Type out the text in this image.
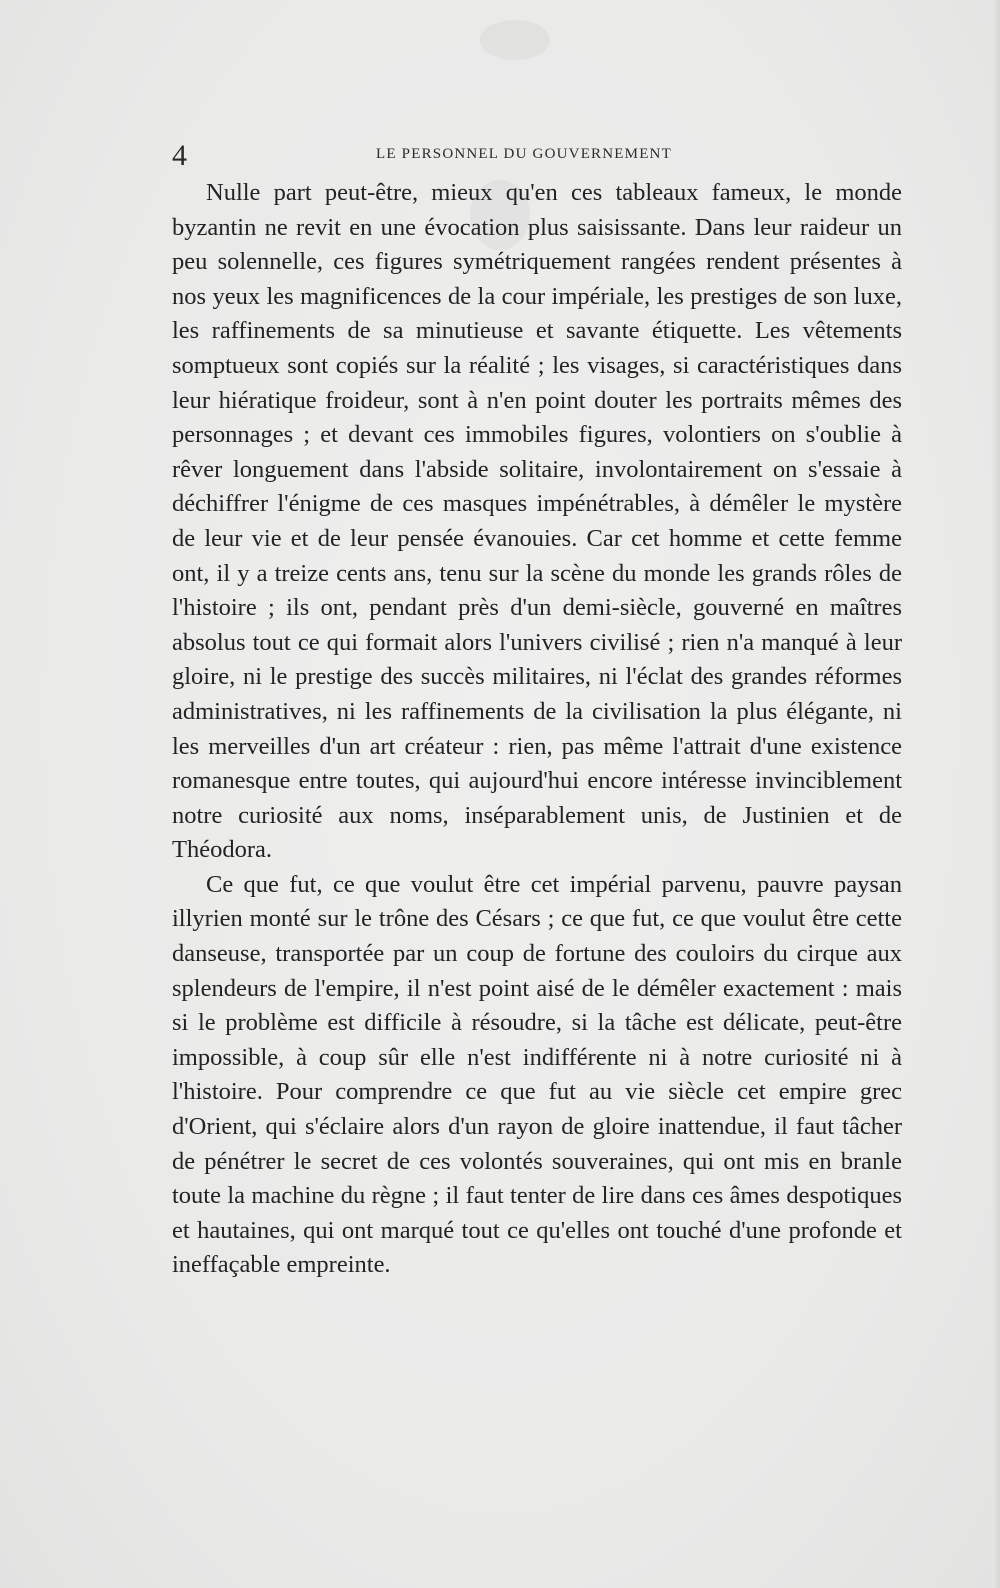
4	LE PERSONNEL DU GOUVERNEMENT

Nulle part peut-être, mieux qu'en ces tableaux fameux, le monde byzantin ne revit en une évocation plus saisissante. Dans leur raideur un peu solennelle, ces figures symétriquement rangées rendent présentes à nos yeux les magnificences de la cour impériale, les prestiges de son luxe, les raffinements de sa minutieuse et savante étiquette. Les vêtements somptueux sont copiés sur la réalité ; les visages, si caractéristiques dans leur hiératique froideur, sont à n'en point douter les portraits mêmes des personnages ; et devant ces immobiles figures, volontiers on s'oublie à rêver longuement dans l'abside solitaire, involontairement on s'essaie à déchiffrer l'énigme de ces masques impénétrables, à démêler le mystère de leur vie et de leur pensée évanouies. Car cet homme et cette femme ont, il y a treize cents ans, tenu sur la scène du monde les grands rôles de l'histoire ; ils ont, pendant près d'un demi-siècle, gouverné en maîtres absolus tout ce qui formait alors l'univers civilisé ; rien n'a manqué à leur gloire, ni le prestige des succès militaires, ni l'éclat des grandes réformes administratives, ni les raffinements de la civilisation la plus élégante, ni les merveilles d'un art créateur : rien, pas même l'attrait d'une existence romanesque entre toutes, qui aujourd'hui encore intéresse invinciblement notre curiosité aux noms, inséparablement unis, de Justinien et de Théodora.

Ce que fut, ce que voulut être cet impérial parvenu, pauvre paysan illyrien monté sur le trône des Césars ; ce que fut, ce que voulut être cette danseuse, transportée par un coup de fortune des couloirs du cirque aux splendeurs de l'empire, il n'est point aisé de le démêler exactement : mais si le problème est difficile à résoudre, si la tâche est délicate, peut-être impossible, à coup sûr elle n'est indifférente ni à notre curiosité ni à l'histoire. Pour comprendre ce que fut au vie siècle cet empire grec d'Orient, qui s'éclaire alors d'un rayon de gloire inattendue, il faut tâcher de pénétrer le secret de ces volontés souveraines, qui ont mis en branle toute la machine du règne ; il faut tenter de lire dans ces âmes despotiques et hautaines, qui ont marqué tout ce qu'elles ont touché d'une profonde et ineffaçable empreinte.
